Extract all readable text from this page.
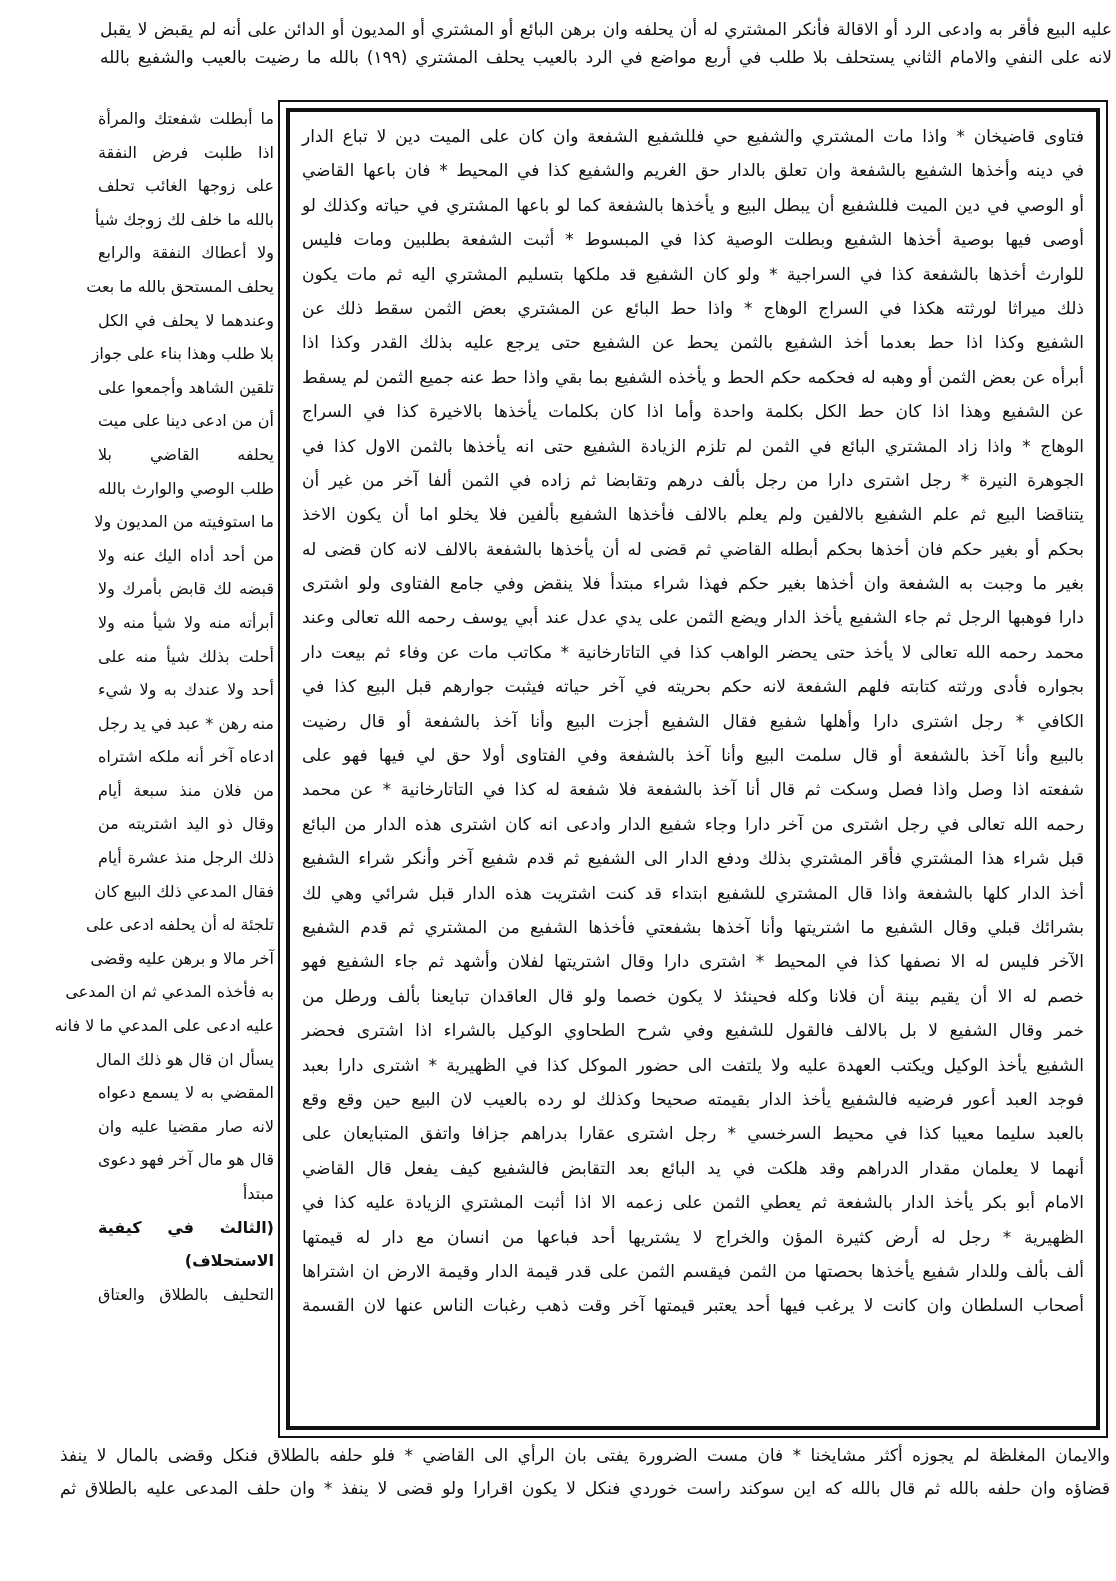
عليه البيع فأقر به وادعى الرد أو الاقالة فأنكر المشتري له أن يحلفه وان برهن البائع أو المشتري أو المديون أو الدائن على أنه لم يقبض لا يقبل
لانه على النفي والامام الثاني يستحلف بلا طلب في أربع مواضع في الرد بالعيب يحلف المشتري (١٩٩) بالله ما رضيت بالعيب والشفيع بالله
ما أبطلت شفعتك والمرأة
اذا طلبت فرض النفقة
على زوجها الغائب تحلف
بالله ما خلف لك زوجك شيأ
ولا أعطاك النفقة والرابع
يحلف المستحق بالله ما بعت
وعندهما لا يحلف في الكل
بلا طلب وهذا بناء على جواز
تلقين الشاهد وأجمعوا على
أن من ادعى دينا على ميت
يحلفه القاضي بلا
طلب الوصي والوارث بالله
ما استوفيته من المديون ولا
من أحد أداه اليك عنه ولا
قبضه لك قابض بأمرك ولا
أبرأته منه ولا شيأ منه ولا
أحلت بذلك شيأ منه على
أحد ولا عندك به ولا شيء
منه رهن * عبد في يد رجل
ادعاه آخر أنه ملكه اشتراه
من فلان منذ سبعة أيام
وقال ذو اليد اشتريته من
ذلك الرجل منذ عشرة أيام
فقال المدعي ذلك البيع كان
تلجئة له أن يحلفه ادعى على
آخر مالا و برهن عليه وقضى
به فأخذه المدعي ثم ان المدعى
عليه ادعى على المدعي ما لا فانه
يسأل ان قال هو ذلك المال
المقضي به لا يسمع دعواه
لانه صار مقضيا عليه وان
قال هو مال آخر فهو دعوى
مبتدأ
(الثالث في كيفية
الاستحلاف)
التحليف بالطلاق والعتاق
فتاوى قاضيخان * واذا مات المشتري والشفيع حي فللشفيع الشفعة وان كان على الميت دين لا تباع الدار
في دينه وأخذها الشفيع بالشفعة وان تعلق بالدار حق الغريم والشفيع كذا في المحيط * فان باعها القاضي
أو الوصي في دين الميت فللشفيع أن يبطل البيع و يأخذها بالشفعة كما لو باعها المشتري في حياته وكذلك لو
أوصى فيها بوصية أخذها الشفيع وبطلت الوصية كذا في المبسوط * أثبت الشفعة بطلبين ومات فليس
للوارث أخذها بالشفعة كذا في السراجية * ولو كان الشفيع قد ملكها بتسليم المشتري اليه ثم مات يكون
ذلك ميراثا لورثته هكذا في السراج الوهاج * واذا حط البائع عن المشتري بعض الثمن سقط ذلك عن
الشفيع وكذا اذا حط بعدما أخذ الشفيع بالثمن يحط عن الشفيع حتى يرجع عليه بذلك القدر وكذا اذا
أبرأه عن بعض الثمن أو وهبه له فحكمه حكم الحط و يأخذه الشفيع بما بقي واذا حط عنه جميع الثمن لم يسقط
عن الشفيع وهذا اذا كان حط الكل بكلمة واحدة وأما اذا كان بكلمات يأخذها بالاخيرة كذا في السراج
الوهاج * واذا زاد المشتري البائع في الثمن لم تلزم الزيادة الشفيع حتى انه يأخذها بالثمن الاول كذا في
الجوهرة النيرة * رجل اشترى دارا من رجل بألف درهم وتقابضا ثم زاده في الثمن ألفا آخر من غير أن
يتناقضا البيع ثم علم الشفيع بالالفين ولم يعلم بالالف فأخذها الشفيع بألفين فلا يخلو اما أن يكون الاخذ
بحكم أو بغير حكم فان أخذها بحكم أبطله القاضي ثم قضى له أن يأخذها بالشفعة بالالف لانه كان قضى له
بغير ما وجبت به الشفعة وان أخذها بغير حكم فهذا شراء مبتدأ فلا ينقض وفي جامع الفتاوى ولو اشترى
دارا فوهبها الرجل ثم جاء الشفيع يأخذ الدار ويضع الثمن على يدي عدل عند أبي يوسف رحمه الله تعالى وعند
محمد رحمه الله تعالى لا يأخذ حتى يحضر الواهب كذا في التاتارخانية * مكاتب مات عن وفاء ثم بيعت دار
بجواره فأدى ورثته كتابته فلهم الشفعة لانه حكم بحريته في آخر حياته فيثبت جوارهم قبل البيع كذا في
الكافي * رجل اشترى دارا وأهلها شفيع فقال الشفيع أجزت البيع وأنا آخذ بالشفعة أو قال رضيت
بالبيع وأنا آخذ بالشفعة أو قال سلمت البيع وأنا آخذ بالشفعة وفي الفتاوى أولا حق لي فيها فهو على
شفعته اذا وصل واذا فصل وسكت ثم قال أنا آخذ بالشفعة فلا شفعة له كذا في التاتارخانية * عن محمد
رحمه الله تعالى في رجل اشترى من آخر دارا وجاء شفيع الدار وادعى انه كان اشترى هذه الدار من البائع
قبل شراء هذا المشتري فأقر المشتري بذلك ودفع الدار الى الشفيع ثم قدم شفيع آخر وأنكر شراء الشفيع
أخذ الدار كلها بالشفعة واذا قال المشتري للشفيع ابتداء قد كنت اشتريت هذه الدار قبل شرائي وهي لك
بشرائك قبلي وقال الشفيع ما اشتريتها وأنا آخذها بشفعتي فأخذها الشفيع من المشتري ثم قدم الشفيع
الآخر فليس له الا نصفها كذا في المحيط * اشترى دارا وقال اشتريتها لفلان وأشهد ثم جاء الشفيع فهو
خصم له الا أن يقيم بينة أن فلانا وكله فحينئذ لا يكون خصما ولو قال العاقدان تبايعنا بألف ورطل من
خمر وقال الشفيع لا بل بالالف فالقول للشفيع وفي شرح الطحاوي الوكيل بالشراء اذا اشترى فحضر
الشفيع يأخذ الوكيل ويكتب العهدة عليه ولا يلتفت الى حضور الموكل كذا في الظهيرية * اشترى دارا بعبد
فوجد العبد أعور فرضيه فالشفيع يأخذ الدار بقيمته صحيحا وكذلك لو رده بالعيب لان البيع حين وقع وقع
بالعبد سليما معيبا كذا في محيط السرخسي * رجل اشترى عقارا بدراهم جزافا واتفق المتبايعان على
أنهما لا يعلمان مقدار الدراهم وقد هلكت في يد البائع بعد التقابض فالشفيع كيف يفعل قال القاضي
الامام أبو بكر يأخذ الدار بالشفعة ثم يعطي الثمن على زعمه الا اذا أثبت المشتري الزيادة عليه كذا في
الظهيرية * رجل له أرض كثيرة المؤن والخراج لا يشتريها أحد فباعها من انسان مع دار له قيمتها
ألف بألف وللدار شفيع يأخذها بحصتها من الثمن فيقسم الثمن على قدر قيمة الدار وقيمة الارض ان اشتراها
أصحاب السلطان وان كانت لا يرغب فيها أحد يعتبر قيمتها آخر وقت ذهب رغبات الناس عنها لان القسمة
والايمان المغلظة لم يجوزه أكثر مشايخنا * فان مست الضرورة يفتى بان الرأي الى القاضي * فلو حلفه بالطلاق فنكل وقضى بالمال لا ينفذ
قضاؤه وان حلفه بالله ثم قال بالله كه اين سوكند راست خوردي فنكل لا يكون اقرارا ولو قضى لا ينفذ * وان حلف المدعى عليه بالطلاق ثم
